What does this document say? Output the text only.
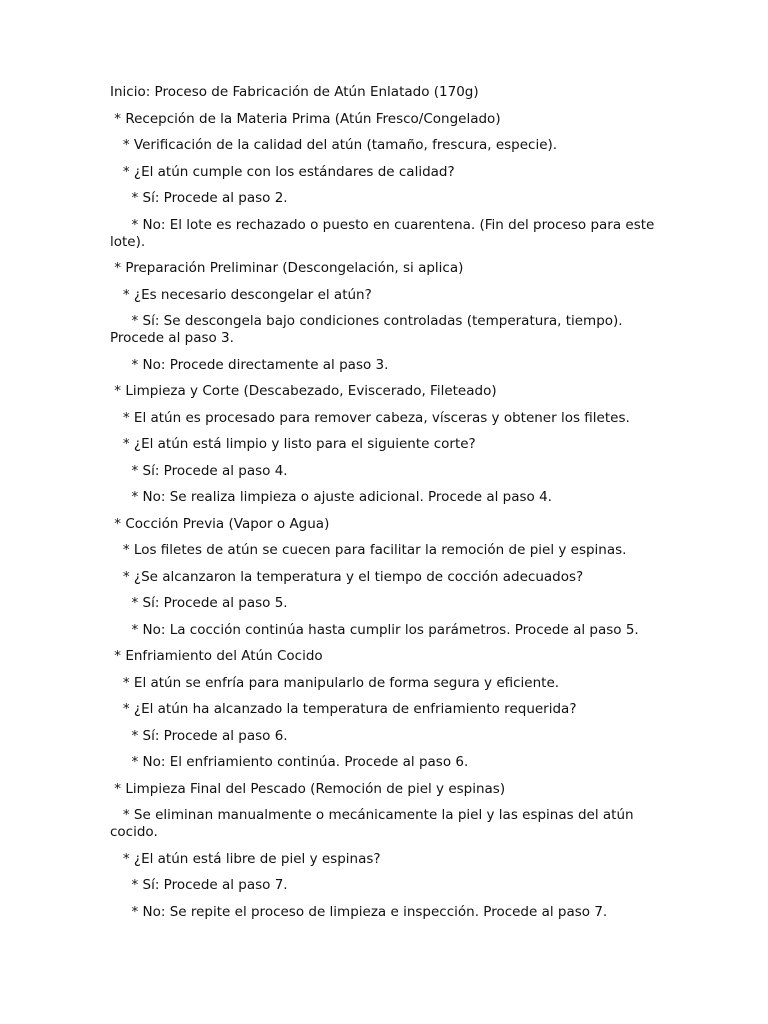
Inicio: Proceso de Fabricación de Atún Enlatado (170g)

* Recepción de la Materia Prima (Atún Fresco/Congelado)

* Verificación de la calidad del atún (tamaño, frescura, especie).

* ¿El atún cumple con los estándares de calidad?

* Sí: Procede al paso 2.

* No: El lote es rechazado o puesto en cuarentena. (Fin del proceso para este lote).

* Preparación Preliminar (Descongelación, si aplica)

* ¿Es necesario descongelar el atún?

* Sí: Se descongela bajo condiciones controladas (temperatura, tiempo). Procede al paso 3.

* No: Procede directamente al paso 3.

* Limpieza y Corte (Descabezado, Eviscerado, Fileteado)

* El atún es procesado para remover cabeza, vísceras y obtener los filetes.

* ¿El atún está limpio y listo para el siguiente corte?

* Sí: Procede al paso 4.

* No: Se realiza limpieza o ajuste adicional. Procede al paso 4.

* Cocción Previa (Vapor o Agua)

* Los filetes de atún se cuecen para facilitar la remoción de piel y espinas.

* ¿Se alcanzaron la temperatura y el tiempo de cocción adecuados?

* Sí: Procede al paso 5.

* No: La cocción continúa hasta cumplir los parámetros. Procede al paso 5.

* Enfriamiento del Atún Cocido

* El atún se enfría para manipularlo de forma segura y eficiente.

* ¿El atún ha alcanzado la temperatura de enfriamiento requerida?

* Sí: Procede al paso 6.

* No: El enfriamiento continúa. Procede al paso 6.

* Limpieza Final del Pescado (Remoción de piel y espinas)

* Se eliminan manualmente o mecánicamente la piel y las espinas del atún cocido.

* ¿El atún está libre de piel y espinas?

* Sí: Procede al paso 7.

* No: Se repite el proceso de limpieza e inspección. Procede al paso 7.
